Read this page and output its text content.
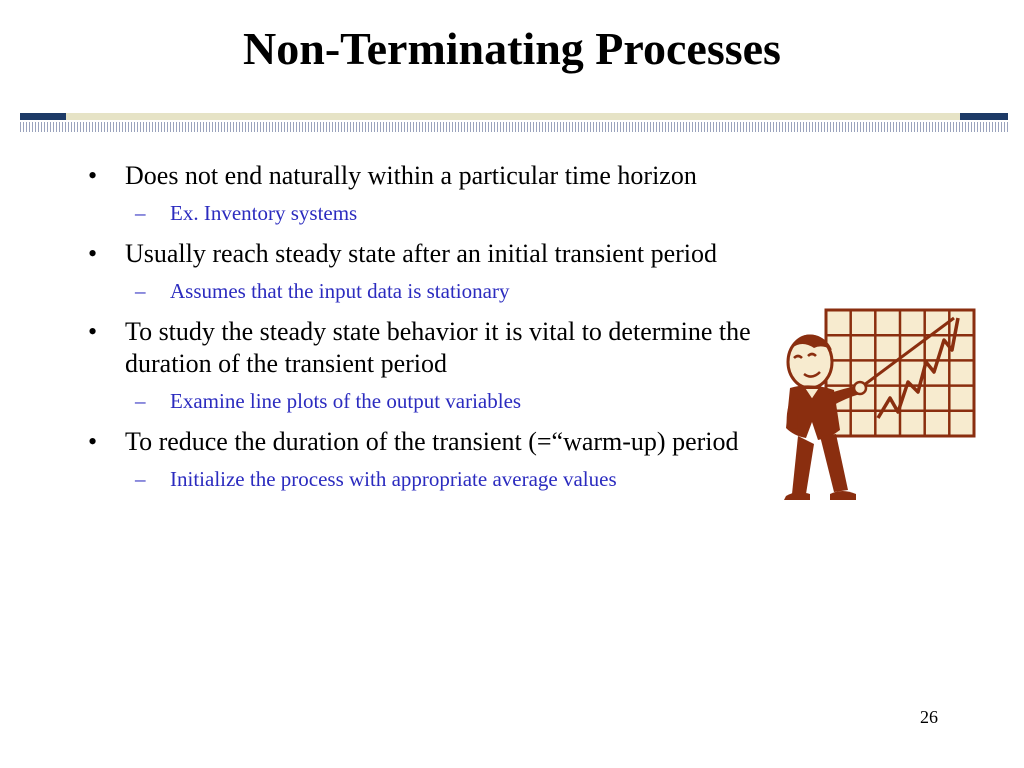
Non-Terminating Processes
• Does not end naturally within a particular time horizon
– Ex. Inventory systems
• Usually reach steady state after an initial transient period
– Assumes that the input data is stationary
• To study the steady state behavior it is vital to determine the duration of the transient period
– Examine line plots of the output variables
• To reduce the duration of the transient (=“warm-up) period
– Initialize the process with appropriate average values
26
